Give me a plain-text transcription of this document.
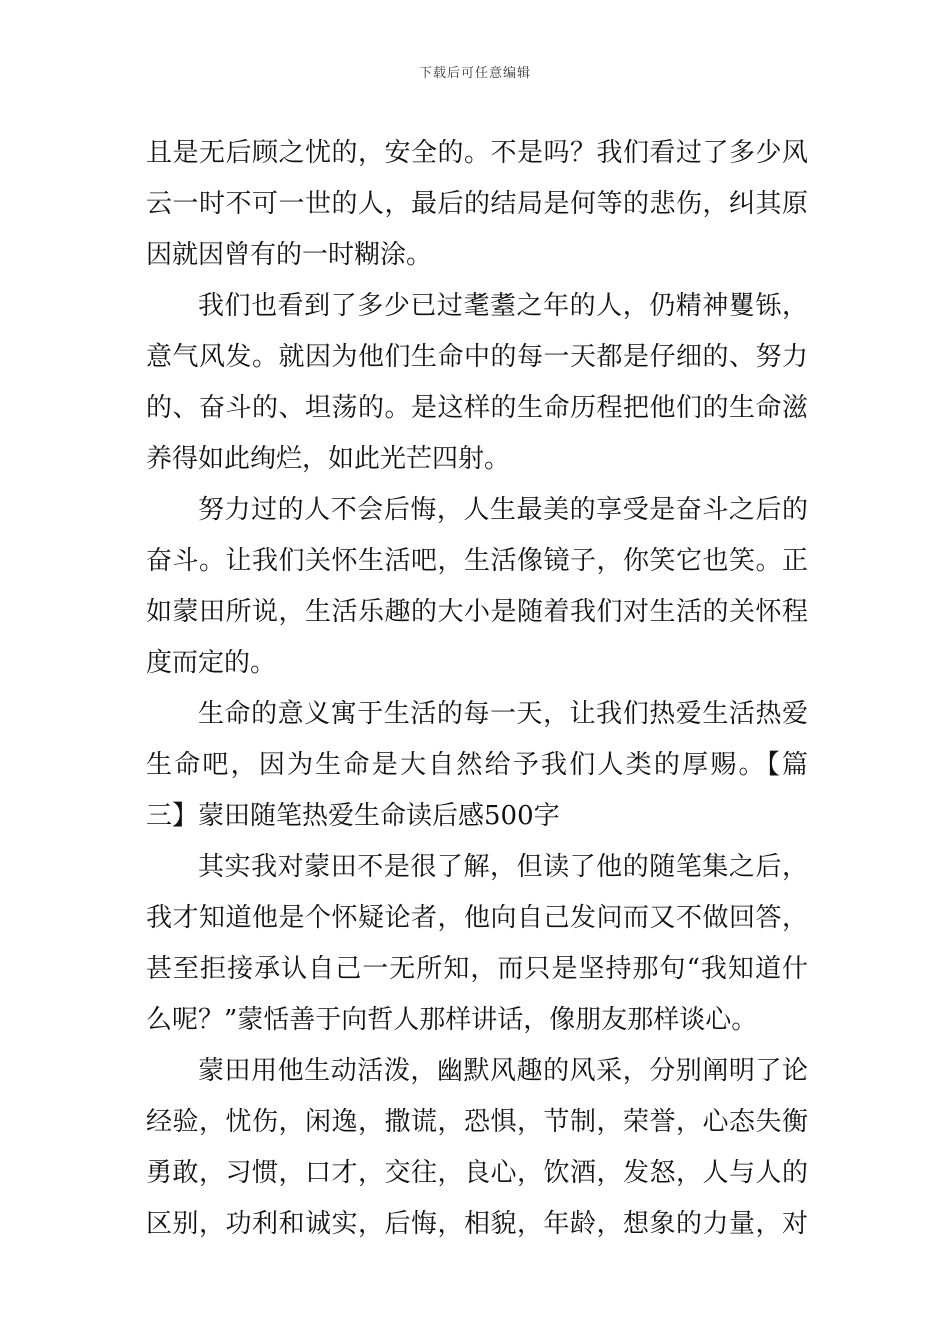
下载后可任意编辑
且是无后顾之忧的，安全的。不是吗？我们看过了多少风
云一时不可一世的人，最后的结局是何等的悲伤，纠其原
因就因曾有的一时糊涂。
我们也看到了多少已过耄耋之年的人，仍精神矍铄，
意气风发。就因为他们生命中的每一天都是仔细的、努力
的、奋斗的、坦荡的。是这样的生命历程把他们的生命滋
养得如此绚烂，如此光芒四射。
努力过的人不会后悔，人生最美的享受是奋斗之后的
奋斗。让我们关怀生活吧，生活像镜子，你笑它也笑。正
如蒙田所说，生活乐趣的大小是随着我们对生活的关怀程
度而定的。
生命的意义寓于生活的每一天，让我们热爱生活热爱
生命吧，因为生命是大自然给予我们人类的厚赐。【篇
三】蒙田随笔热爱生命读后感500字
其实我对蒙田不是很了解，但读了他的随笔集之后，
我才知道他是个怀疑论者，他向自己发问而又不做回答，
甚至拒接承认自己一无所知，而只是坚持那句“我知道什
么呢？”蒙恬善于向哲人那样讲话，像朋友那样谈心。
蒙田用他生动活泼，幽默风趣的风采，分别阐明了论
经验，忧伤，闲逸，撒谎，恐惧，节制，荣誉，心态失衡
勇敢，习惯，口才，交往，良心，饮酒，发怒，人与人的
区别，功利和诚实，后悔，相貌，年龄，想象的力量，对
